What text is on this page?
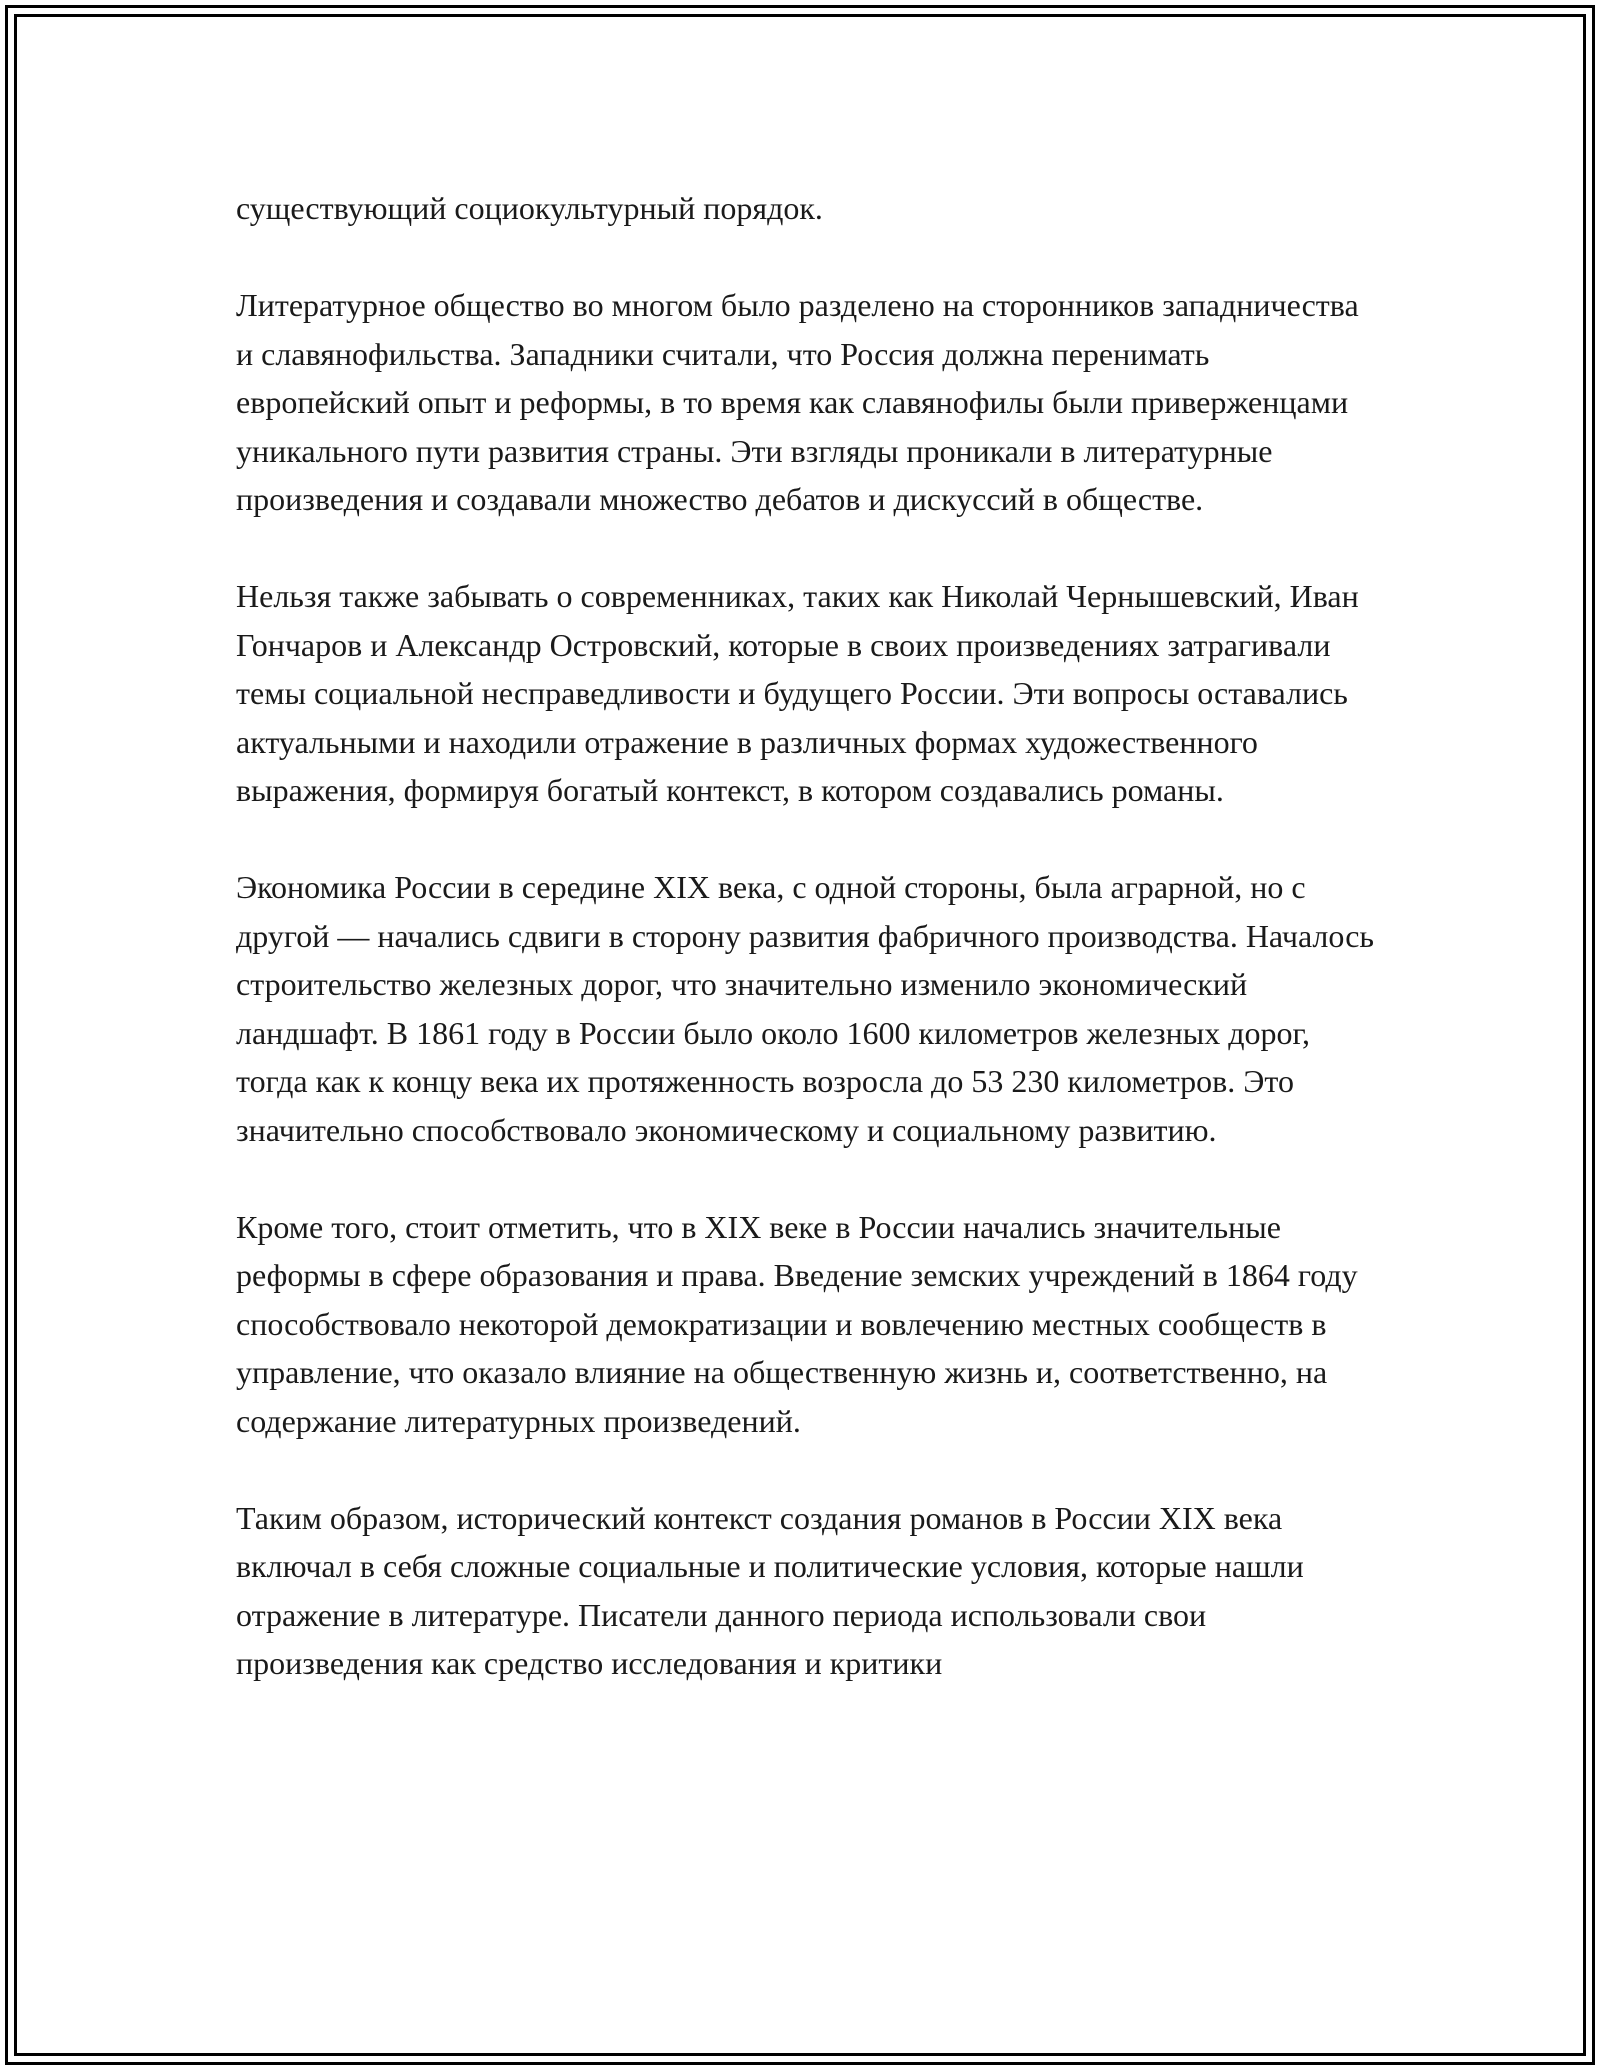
существующий социокультурный порядок.

Литературное общество во многом было разделено на сторонников западничества и славянофильства. Западники считали, что Россия должна перенимать европейский опыт и реформы, в то время как славянофилы были приверженцами уникального пути развития страны. Эти взгляды проникали в литературные произведения и создавали множество дебатов и дискуссий в обществе.

Нельзя также забывать о современниках, таких как Николай Чернышевский, Иван Гончаров и Александр Островский, которые в своих произведениях затрагивали темы социальной несправедливости и будущего России. Эти вопросы оставались актуальными и находили отражение в различных формах художественного выражения, формируя богатый контекст, в котором создавались романы.

Экономика России в середине XIX века, с одной стороны, была аграрной, но с другой — начались сдвиги в сторону развития фабричного производства. Началось строительство железных дорог, что значительно изменило экономический ландшафт. В 1861 году в России было около 1600 километров железных дорог, тогда как к концу века их протяженность возросла до 53 230 километров. Это значительно способствовало экономическому и социальному развитию.

Кроме того, стоит отметить, что в XIX веке в России начались значительные реформы в сфере образования и права. Введение земских учреждений в 1864 году способствовало некоторой демократизации и вовлечению местных сообществ в управление, что оказало влияние на общественную жизнь и, соответственно, на содержание литературных произведений.

Таким образом, исторический контекст создания романов в России XIX века включал в себя сложные социальные и политические условия, которые нашли отражение в литературе. Писатели данного периода использовали свои произведения как средство исследования и критики
